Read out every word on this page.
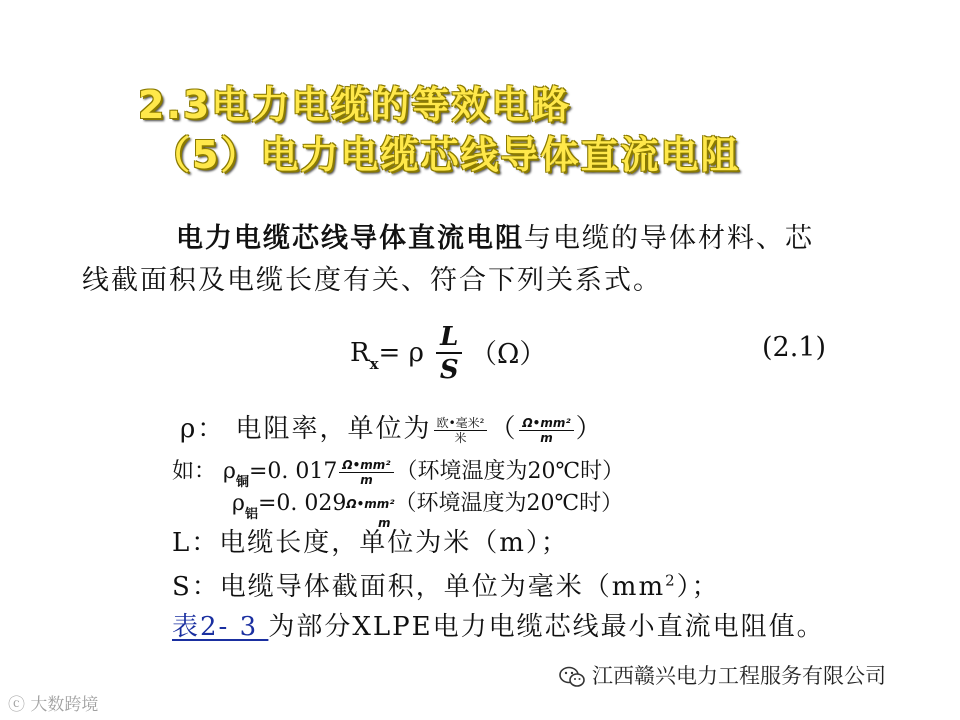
2.3电力电缆的等效电路
（5）电力电缆芯线导体直流电阻
电力电缆芯线导体直流电阻与电缆的导体材料、芯
线截面积及电缆长度有关、符合下列关系式。
$R_x= \rho \frac{L}{S} (\Omega)$	(2.1)
ρ： 电阻率，单位为 $\frac{\text{欧•毫米²}}{\text{米}}$ （ $\frac{\text{Ω•mm²}}{m}$ ）
如： $\rho_铜=0$. $017 \frac{\text{Ω•mm²}}{m}$ （环境温度为20℃时）
$\rho_铝=0$. 029Ω•mm²（环境温度为20℃时）
L：电缆长度，单位为米（m）；
m
S：电缆导体截面积，单位为毫米$(mm^2)$；
表2- 3 为部分XLPE电力电缆芯线最小直流电阻值。
江西赣兴电力工程服务有限公司
ⓒ 大数跨境
